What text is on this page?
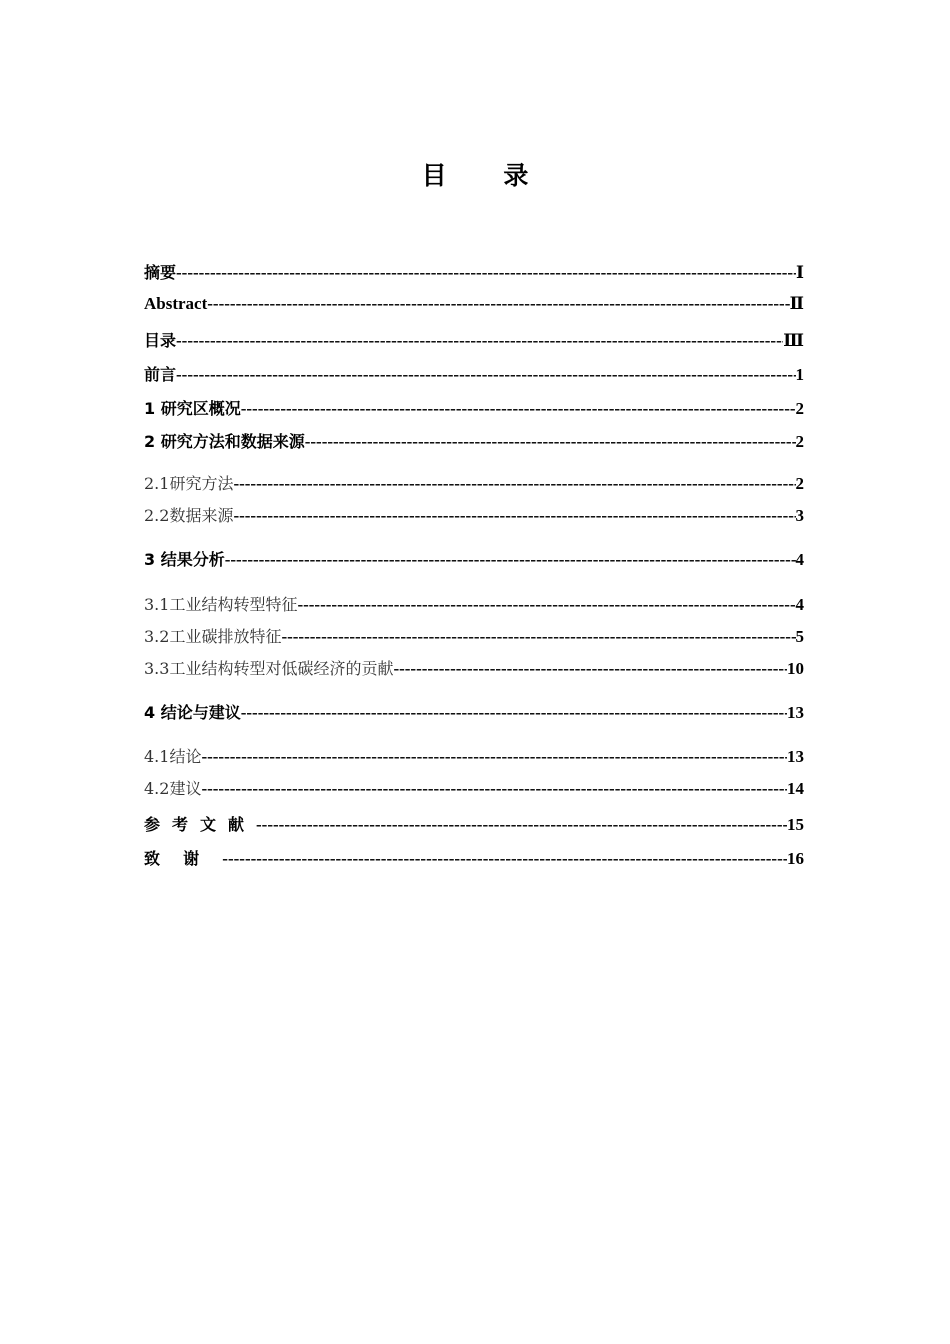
目 录
摘要 -----	Ⅰ
Abstract -----	Ⅱ
目录 -----	Ⅲ
前言 -----	1
1 研究区概况 -----	2
2 研究方法和数据来源 -----	2
2.1研究方法 -----	2
2.2数据来源 -----	3
3 结果分析 -----	4
3.1工业结构转型特征 -----	4
3.2工业碳排放特征 -----	5
3.3工业结构转型对低碳经济的贡献 -----	10
4 结论与建议 -----	13
4.1结论 -----	13
4.2建议 -----	14
参考文献 -----	15
致  谢 -----	16
